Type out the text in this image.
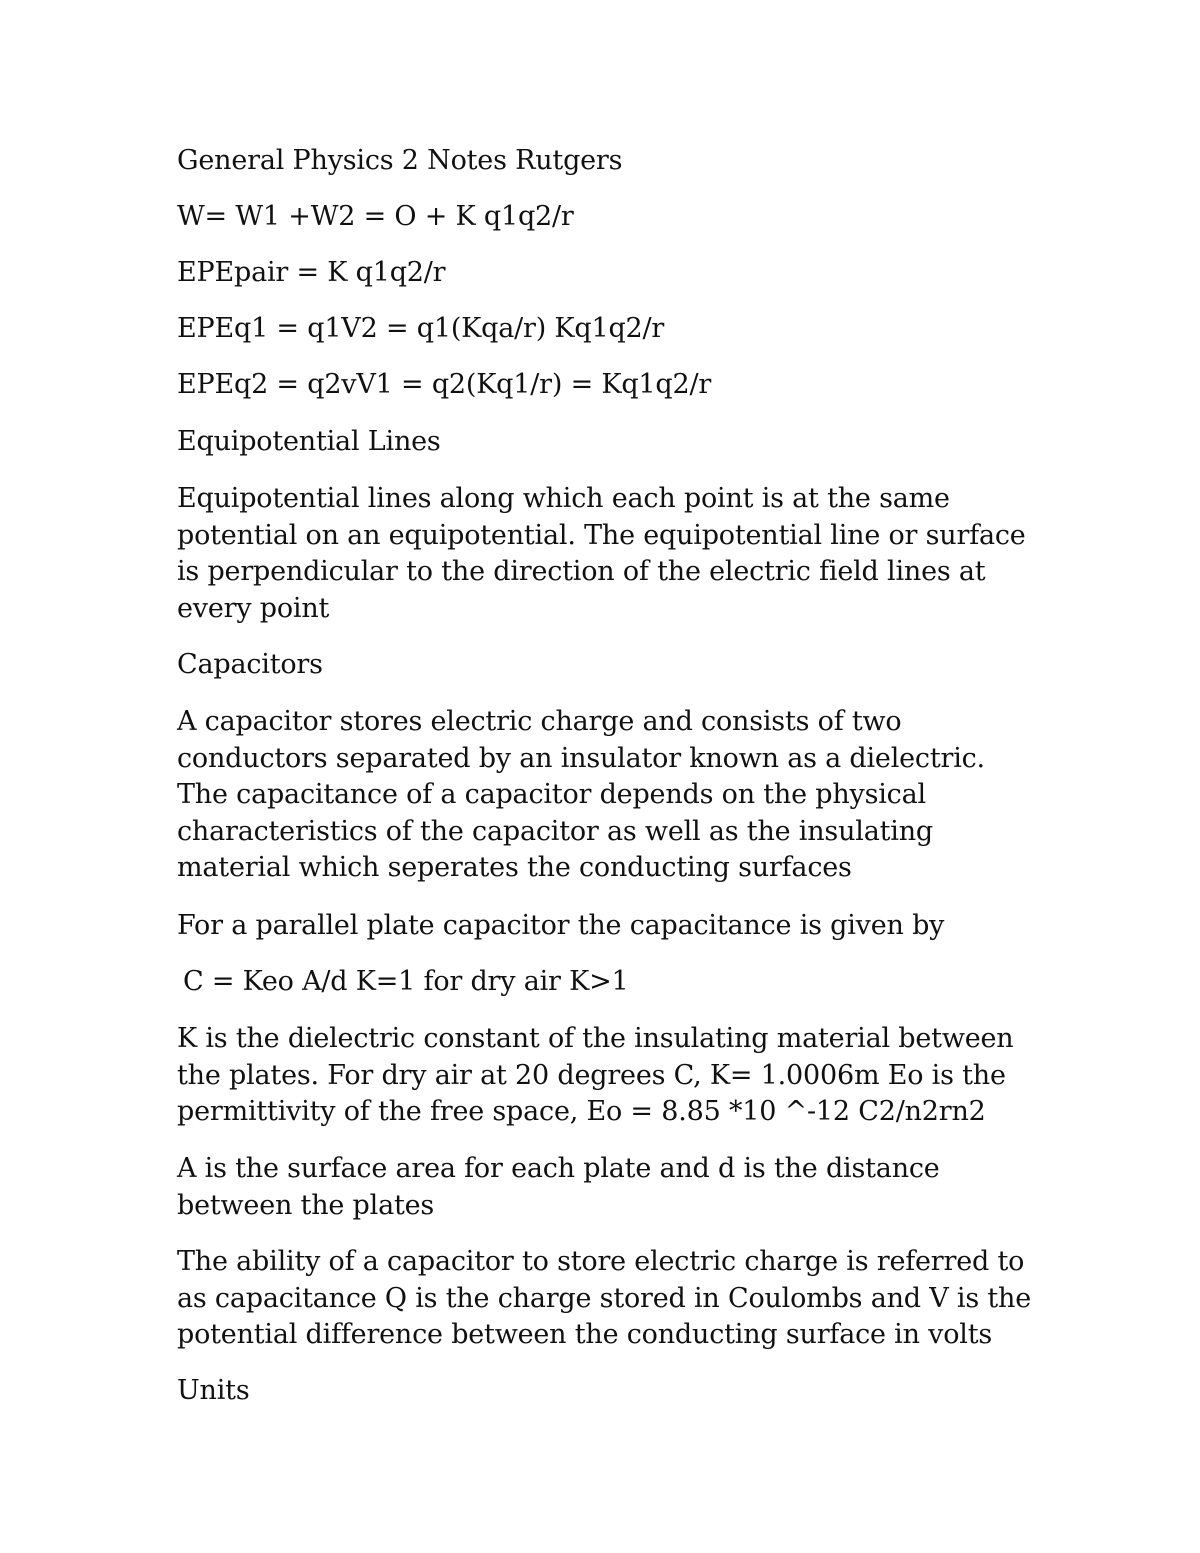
General Physics 2 Notes Rutgers

W= W1 +W2 = O + K q1q2/r

EPEpair = K q1q2/r

EPEq1 = q1V2 = q1(Kqa/r) Kq1q2/r

EPEq2 = q2vV1 = q2(Kq1/r) = Kq1q2/r

Equipotential Lines

Equipotential lines along which each point is at the same
potential on an equipotential. The equipotential line or surface
is perpendicular to the direction of the electric field lines at
every point

Capacitors

A capacitor stores electric charge and consists of two
conductors separated by an insulator known as a dielectric.
The capacitance of a capacitor depends on the physical
characteristics of the capacitor as well as the insulating
material which seperates the conducting surfaces

For a parallel plate capacitor the capacitance is given by

C = Keo A/d K=1 for dry air K>1

K is the dielectric constant of the insulating material between
the plates. For dry air at 20 degrees C, K= 1.0006m Eo is the
permittivity of the free space, Eo = 8.85 *10 ^-12 C2/n2rn2

A is the surface area for each plate and d is the distance
between the plates

The ability of a capacitor to store electric charge is referred to
as capacitance Q is the charge stored in Coulombs and V is the
potential difference between the conducting surface in volts

Units
